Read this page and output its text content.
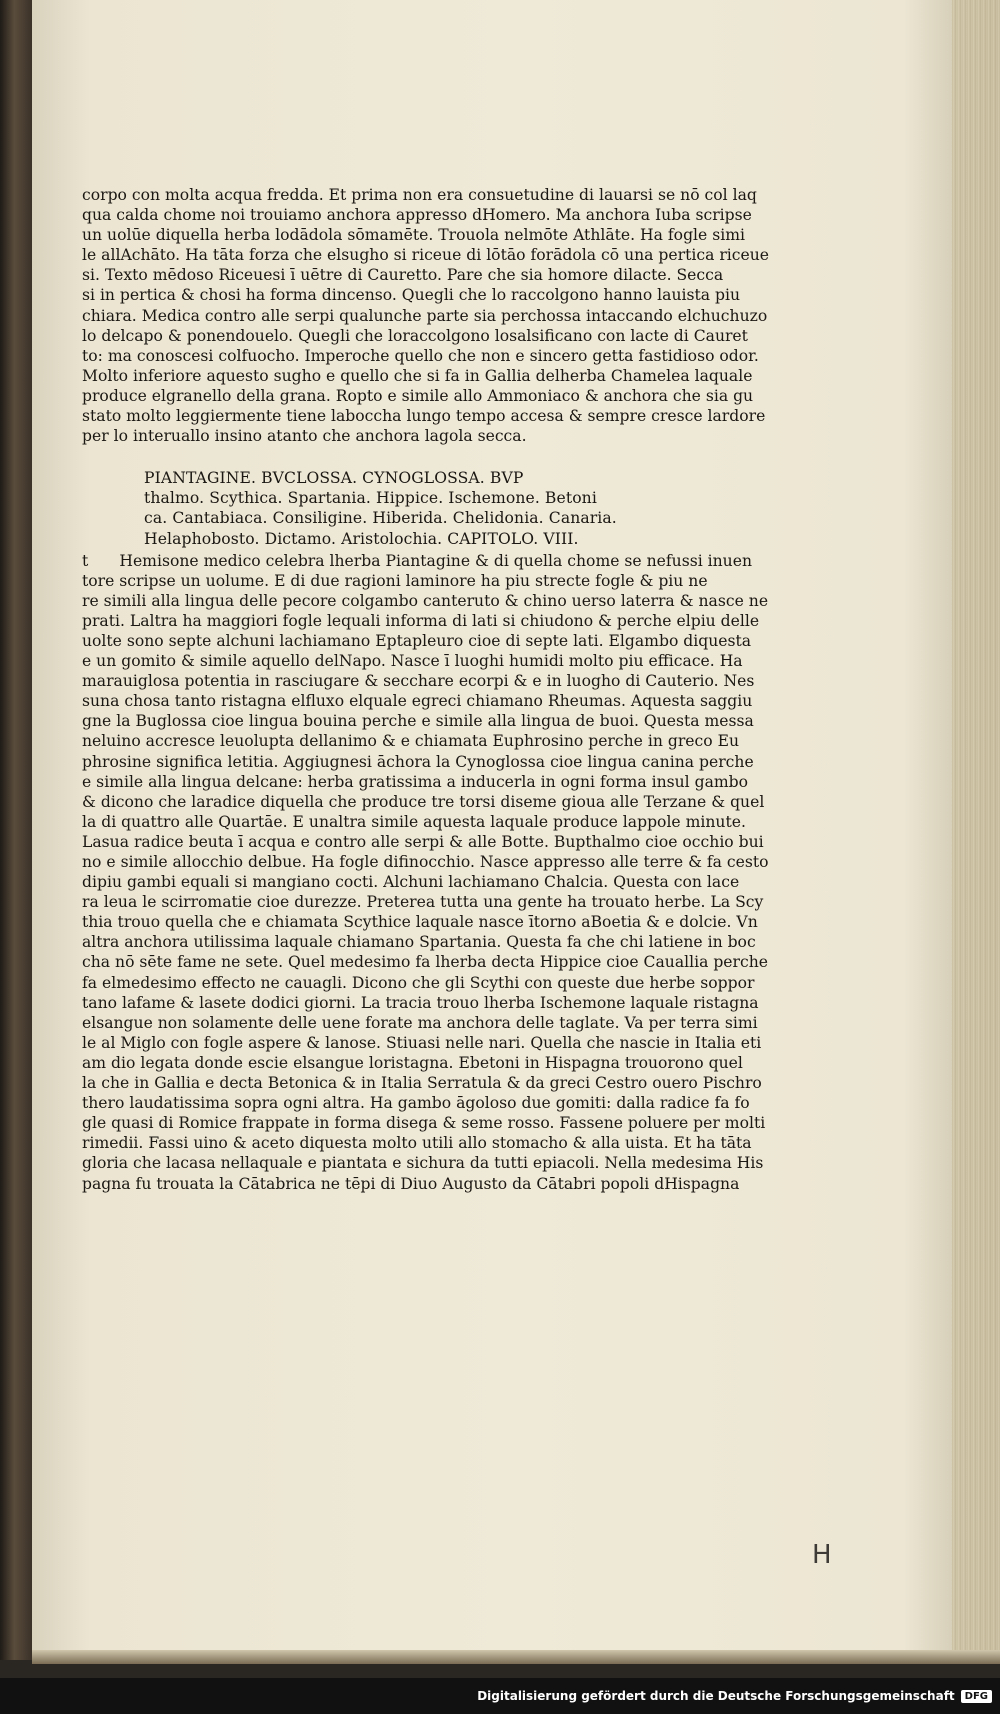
corpo con molta acqua fredda. Et prima non era consuetudine di lauarsi se nō col laq
qua calda chome noi trouiamo anchora appresso dHomero. Ma anchora Iuba scripse
un uolūe diquella herba lodādola sōmamēte. Trouola nelmōte Athlāte. Ha fogle simi
le allAchāto. Ha tāta forza che elsugho si riceue di lōtāo forādola cō una pertica riceue
si. Texto mēdoso Riceuesi ī uētre di Cauretto. Pare che sia homore dilacte. Secca
si in pertica & chosi ha forma dincenso. Quegli che lo raccolgono hanno lauista piu
chiara. Medica contro alle serpi qualunche parte sia perchossa intaccando elchuchuzo
lo delcapo & ponendouelo. Quegli che loraccolgono losalsificano con lacte di Cauret
to: ma conoscesi colfuocho. Imperoche quello che non e sincero getta fastidioso odor.
Molto inferiore aquesto sugho e quello che si fa in Gallia delherba Chamelea laquale
produce elgranello della grana. Ropto e simile allo Ammoniaco & anchora che sia gu
stato molto leggiermente tiene laboccha lungo tempo accesa & sempre cresce lardore
per lo interuallo insino atanto che anchora lagola secca.
PIANTAGINE. BVCLOSSA. CYNOGLOSSA. BVP
thalmo. Scythica. Spartania. Hippice. Ischemone. Betoni
ca. Cantabiaca. Consiligine. Hiberida. Chelidonia. Canaria.
Helaphobosto. Dictamo. Aristolochia. CAPITOLO. VIII.
t	Hemisone medico celebra lherba Piantagine & di quella chome se nefussi inuen
tore scripse un uolume. E di due ragioni laminore ha piu strecte fogle & piu ne
re simili alla lingua delle pecore colgambo canteruto & chino uerso laterra & nasce ne
prati. Laltra ha maggiori fogle lequali informa di lati si chiudono & perche elpiu delle
uolte sono septe alchuni lachiamano Eptapleuro cioe di septe lati. Elgambo diquesta
e un gomito & simile aquello delNapo. Nasce ī luoghi humidi molto piu efficace. Ha
marauiglosa potentia in rasciugare & secchare ecorpi & e in luogho di Cauterio. Nes
suna chosa tanto ristagna elfluxo elquale egreci chiamano Rheumas. Aquesta saggiu
gne la Buglossa cioe lingua bouina perche e simile alla lingua de buoi. Questa messa
neluino accresce leuolupta dellanimo & e chiamata Euphrosino perche in greco Eu
phrosine significa letitia. Aggiugnesi āchora la Cynoglossa cioe lingua canina perche
e simile alla lingua delcane: herba gratissima a inducerla in ogni forma insul gambo
& dicono che laradice diquella che produce tre torsi diseme gioua alle Terzane & quel
la di quattro alle Quartāe. E unaltra simile aquesta laquale produce lappole minute.
Lasua radice beuta ī acqua e contro alle serpi & alle Botte. Bupthalmo cioe occhio bui
no e simile allocchio delbue. Ha fogle difinocchio. Nasce appresso alle terre & fa cesto
dipiu gambi equali si mangiano cocti. Alchuni lachiamano Chalcia. Questa con lace
ra leua le scirromatie cioe durezze. Preterea tutta una gente ha trouato herbe. La Scy
thia trouo quella che e chiamata Scythice laquale nasce ītorno aBoetia & e dolcie. Vn
altra anchora utilissima laquale chiamano Spartania. Questa fa che chi latiene in boc
cha nō sēte fame ne sete. Quel medesimo fa lherba decta Hippice cioe Cauallia perche
fa elmedesimo effecto ne cauagli. Dicono che gli Scythi con queste due herbe soppor
tano lafame & lasete dodici giorni. La tracia trouo lherba Ischemone laquale ristagna
elsangue non solamente delle uene forate ma anchora delle taglate. Va per terra simi
le al Miglo con fogle aspere & lanose. Stiuasi nelle nari. Quella che nascie in Italia eti
am dio legata donde escie elsangue loristagna. Ebetoni in Hispagna trouorono quel
la che in Gallia e decta Betonica & in Italia Serratula & da greci Cestro ouero Pischro
thero laudatissima sopra ogni altra. Ha gambo āgoloso due gomiti: dalla radice fa fo
gle quasi di Romice frappate in forma disega & seme rosso. Fassene poluere per molti
rimedii. Fassi uino & aceto diquesta molto utili allo stomacho & alla uista. Et ha tāta
gloria che lacasa nellaquale e piantata e sichura da tutti epiacoli. Nella medesima His
pagna fu trouata la Cātabrica ne tēpi di Diuo Augusto da Cātabri popoli dHispagna
H
Digitalisierung gefördert durch die Deutsche Forschungsgemeinschaft	DFG
